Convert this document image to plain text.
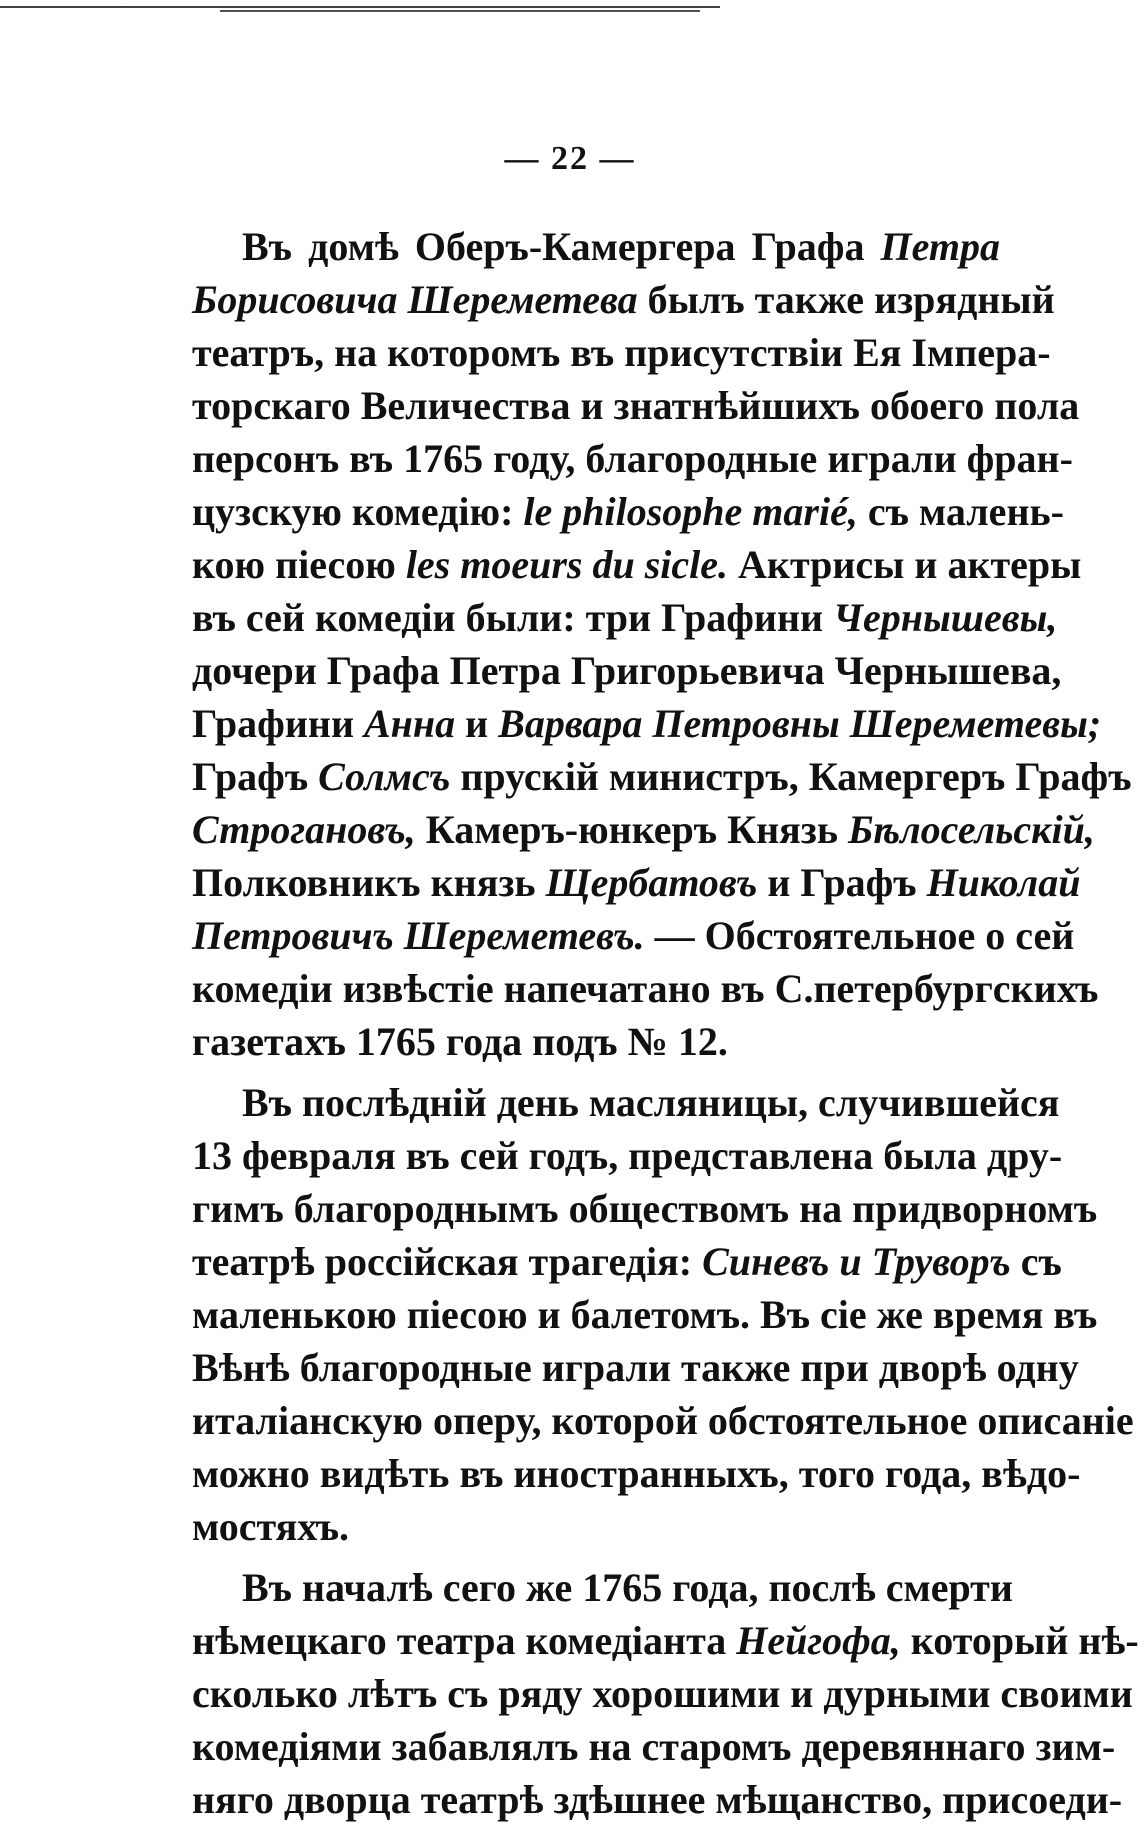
— 22 —
Въ домѣ Оберъ-Камергера Графа Петра
Борисовича Шереметева былъ также изрядный
театръ, на которомъ въ присутствіи Ея Імпера-
торскаго Величества и знатнѣйшихъ обоего пола
персонъ въ 1765 году, благородные играли фран-
цузскую комедію: le philosophe marié, съ малень-
кою піесою les moeurs du sicle. Актрисы и актеры
въ сей комедіи были: три Графини Чернышевы,
дочери Графа Петра Григорьевича Чернышева,
Графини Анна и Варвара Петровны Шереметевы;
Графъ Солмсъ прускій министръ, Камергеръ Графъ
Строгановъ, Камеръ-юнкеръ Князь Бѣлосельскій,
Полковникъ князь Щербатовъ и Графъ Николай
Петровичъ Шереметевъ. — Обстоятельное о сей
комедіи извѣстіе напечатано въ С.петербургскихъ
газетахъ 1765 года подъ № 12.
Въ послѣдній день масляницы, случившейся
13 февраля въ сей годъ, представлена была дру-
гимъ благороднымъ обществомъ на придворномъ
театрѣ россійская трагедія: Синевъ и Труворъ съ
маленькою піесою и балетомъ. Въ сіе же время въ
Вѣнѣ благородные играли также при дворѣ одну
италіанскую оперу, которой обстоятельное описаніе
можно видѣть въ иностранныхъ, того года, вѣдо-
мостяхъ.
Въ началѣ сего же 1765 года, послѣ смерти
нѣмецкаго театра комедіанта Нейгофа, который нѣ-
сколько лѣтъ съ ряду хорошими и дурными своими
комедіями забавлялъ на старомъ деревяннаго зим-
няго дворца театрѣ здѣшнее мѣщанство, присоеди-
